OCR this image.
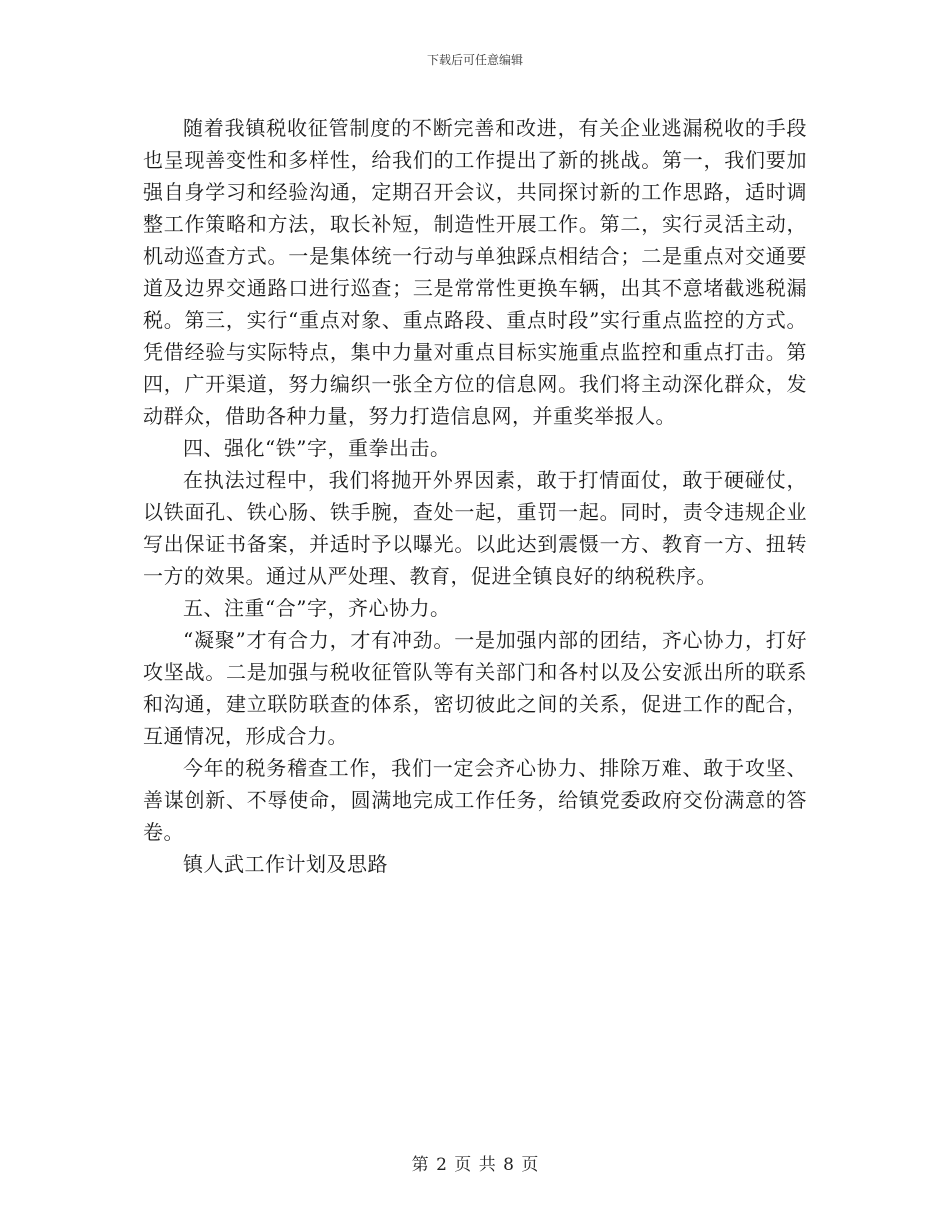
下载后可任意编辑

随着我镇税收征管制度的不断完善和改进，有关企业逃漏税收的手段也呈现善变性和多样性，给我们的工作提出了新的挑战。第一，我们要加强自身学习和经验沟通，定期召开会议，共同探讨新的工作思路，适时调整工作策略和方法，取长补短，制造性开展工作。第二，实行灵活主动，机动巡查方式。一是集体统一行动与单独踩点相结合；二是重点对交通要道及边界交通路口进行巡查；三是常常性更换车辆，出其不意堵截逃税漏税。第三，实行“重点对象、重点路段、重点时段”实行重点监控的方式。凭借经验与实际特点，集中力量对重点目标实施重点监控和重点打击。第四，广开渠道，努力编织一张全方位的信息网。我们将主动深化群众，发动群众，借助各种力量，努力打造信息网，并重奖举报人。

四、强化“铁”字，重拳出击。

在执法过程中，我们将抛开外界因素，敢于打情面仗，敢于硬碰仗，以铁面孔、铁心肠、铁手腕，查处一起，重罚一起。同时，责令违规企业写出保证书备案，并适时予以曝光。以此达到震慑一方、教育一方、扭转一方的效果。通过从严处理、教育，促进全镇良好的纳税秩序。

五、注重“合”字，齐心协力。

“凝聚”才有合力，才有冲劲。一是加强内部的团结，齐心协力，打好攻坚战。二是加强与税收征管队等有关部门和各村以及公安派出所的联系和沟通，建立联防联查的体系，密切彼此之间的关系，促进工作的配合，互通情况，形成合力。

今年的税务稽查工作，我们一定会齐心协力、排除万难、敢于攻坚、善谋创新、不辱使命，圆满地完成工作任务，给镇党委政府交份满意的答卷。

镇人武工作计划及思路

第 2 页 共 8 页
